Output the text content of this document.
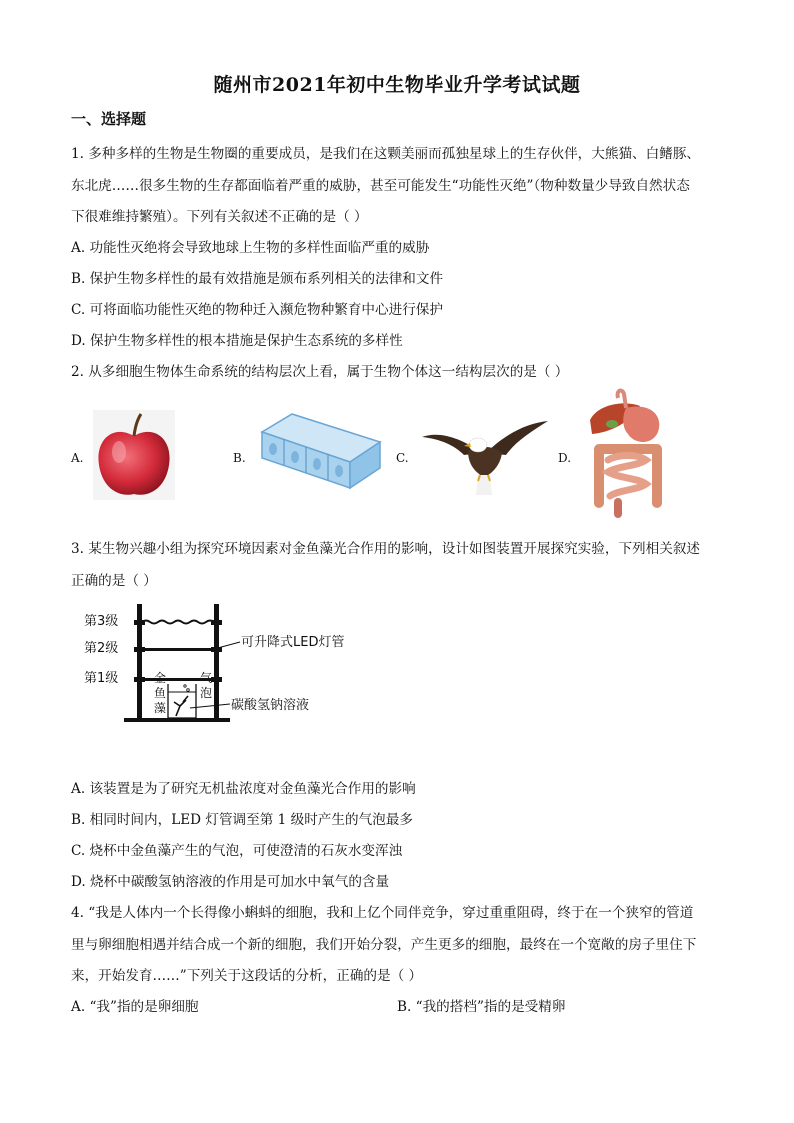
随州市2021年初中生物毕业升学考试试题
一、选择题
1. 多种多样的生物是生物圈的重要成员，是我们在这颗美丽而孤独星球上的生存伙伴，大熊猫、白鳍豚、
东北虎……很多生物的生存都面临着严重的威胁，甚至可能发生“功能性灭绝”（物种数量少导致自然状态
下很难维持繁殖）。下列有关叙述不正确的是（ ）
A. 功能性灭绝将会导致地球上生物的多样性面临严重的威胁
B. 保护生物多样性的最有效措施是颁布系列相关的法律和文件
C. 可将面临功能性灭绝的物种迁入濒危物种繁育中心进行保护
D. 保护生物多样性的根本措施是保护生态系统的多样性
2. 从多细胞生物体生命系统的结构层次上看，属于生物个体这一结构层次的是（ ）
A.	B.	C.	D.
3. 某生物兴趣小组为探究环境因素对金鱼藻光合作用的影响，设计如图装置开展探究实验，下列相关叙述
正确的是（ ）
第3级
第2级
第1级
可升降式LED灯管
碳酸氢钠溶液
鱼
藻
泡
A. 该装置是为了研究无机盐浓度对金鱼藻光合作用的影响
B. 相同时间内，LED 灯管调至第 1 级时产生的气泡最多
C. 烧杯中金鱼藻产生的气泡，可使澄清的石灰水变浑浊
D. 烧杯中碳酸氢钠溶液的作用是可加水中氧气的含量
4. “我是人体内一个长得像小蝌蚪的细胞，我和上亿个同伴竞争，穿过重重阻碍，终于在一个狭窄的管道
里与卵细胞相遇并结合成一个新的细胞，我们开始分裂，产生更多的细胞，最终在一个宽敞的房子里住下
来，开始发育……”下列关于这段话的分析，正确的是（ ）
A. “我”指的是卵细胞	B. “我的搭档”指的是受精卵
